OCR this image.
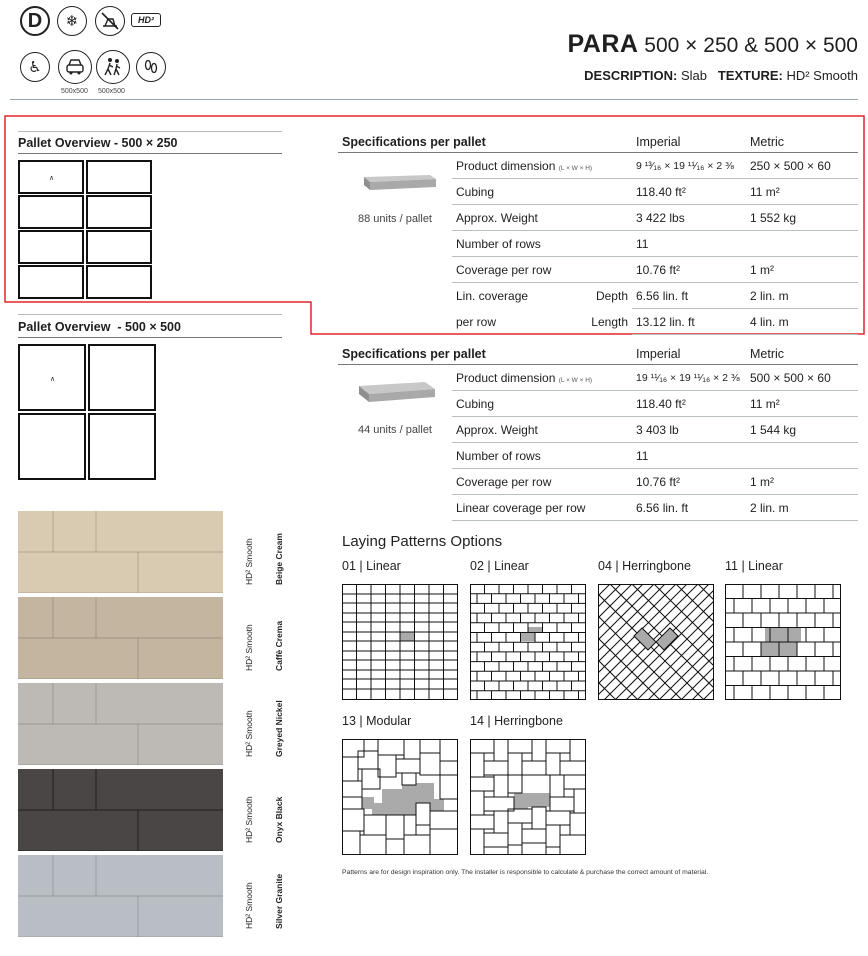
D	❄	HD²
♿
500x500 500x500
PARA 500 × 250 & 500 × 500
DESCRIPTION: Slab TEXTURE: HD² Smooth
Pallet Overview - 500 × 250
∧
Pallet Overview  - 500 × 500
∧
88 units / pallet
Specifications per pallet		Imperial	Metric
	Product dimension (L × W × H)	9 ¹³⁄₁₆ × 19 ¹¹⁄₁₆ × 2 ⅜	250 × 500 × 60
	Cubing	118.40 ft²	11 m²
	Approx. Weight	3 422 lbs	1 552 kg
	Number of rows	11	
	Coverage per row	10.76 ft²	1 m²
	Lin. coverage Depth	6.56 lin. ft	2 lin. m
	per row Length	13.12 lin. ft	4 lin. m
44 units / pallet
Specifications per pallet		Imperial	Metric
	Product dimension (L × W × H)	19 ¹¹⁄₁₆ × 19 ¹¹⁄₁₆ × 2 ⅜	500 × 500 × 60
	Cubing	118.40 ft²	11 m²
	Approx. Weight	3 403 lb	1 544 kg
	Number of rows	11	
	Coverage per row	10.76 ft²	1 m²
	Linear coverage per row	6.56 lin. ft	2 lin. m
HD² Smooth Beige Cream
HD² Smooth Caffè Crema
HD² Smooth Greyed Nickel
HD² Smooth Onyx Black
HD² Smooth Silver Granite
Laying Patterns Options
01 | Linear	02 | Linear	04 | Herringbone	11 | Linear
13 | Modular	14 | Herringbone
Patterns are for design inspiration only. The installer is responsible to calculate & purchase the correct amount of material.
